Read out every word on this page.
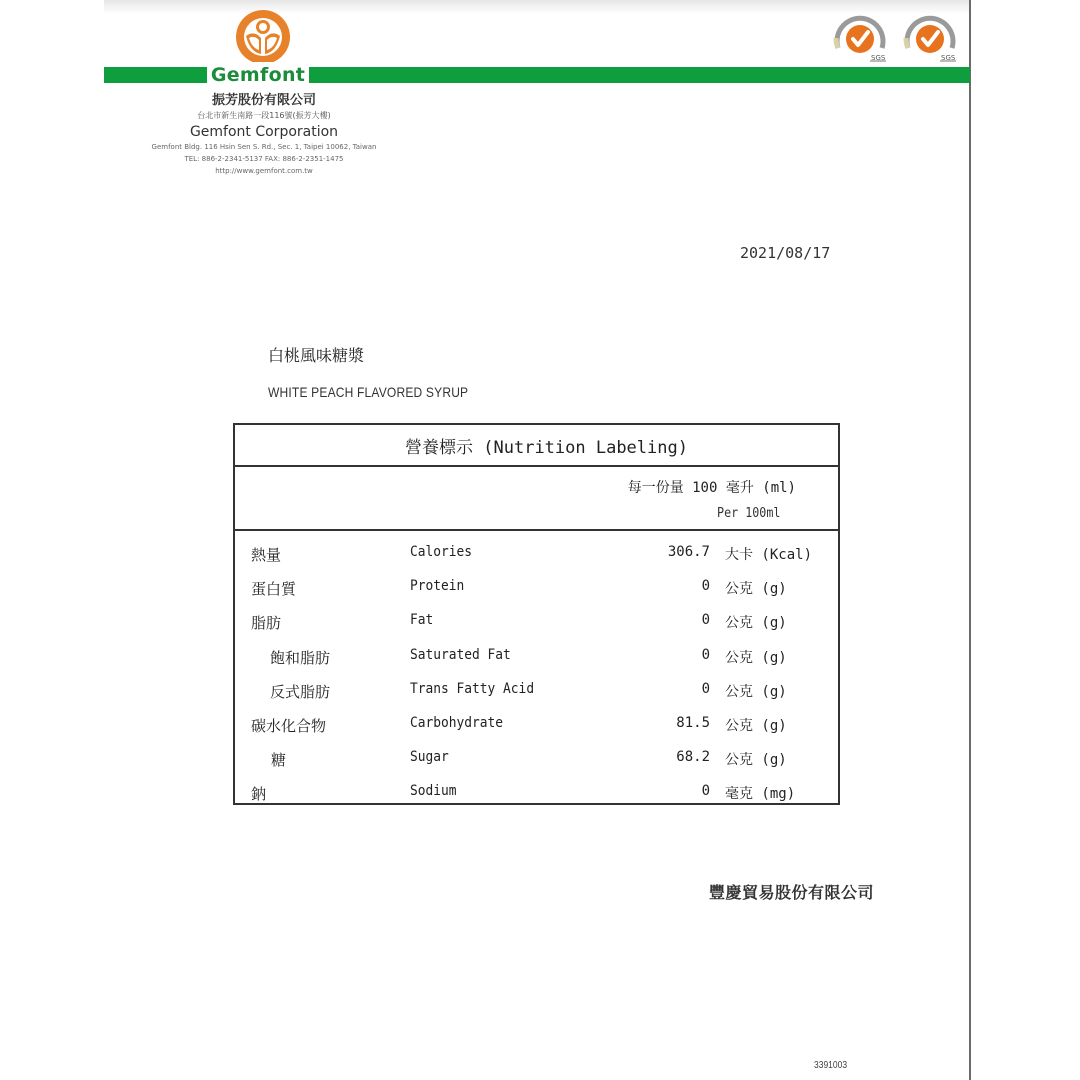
Gemfont
振芳股份有限公司
台北市新生南路一段116號(振芳大樓)
Gemfont Corporation
Gemfont Bldg. 116 Hsin Sen S. Rd., Sec. 1, Taipei 10062, Taiwan
TEL: 886-2-2341-5137 FAX: 886-2-2351-1475
http://www.gemfont.com.tw
SGS	SGS
2021/08/17
白桃風味糖漿
WHITE PEACH FLAVORED SYRUP
營養標示 (Nutrition Labeling)
每一份量 100 毫升 (ml)
Per 100ml
熱量	Calories	306.7 大卡 (Kcal)
蛋白質	Protein	0 公克 (g)
脂肪	Fat	0 公克 (g)
飽和脂肪	Saturated Fat	0 公克 (g)
反式脂肪	Trans Fatty Acid	0 公克 (g)
碳水化合物	Carbohydrate	81.5 公克 (g)
糖	Sugar	68.2 公克 (g)
鈉	Sodium	0 毫克 (mg)
豐慶貿易股份有限公司
3391003
